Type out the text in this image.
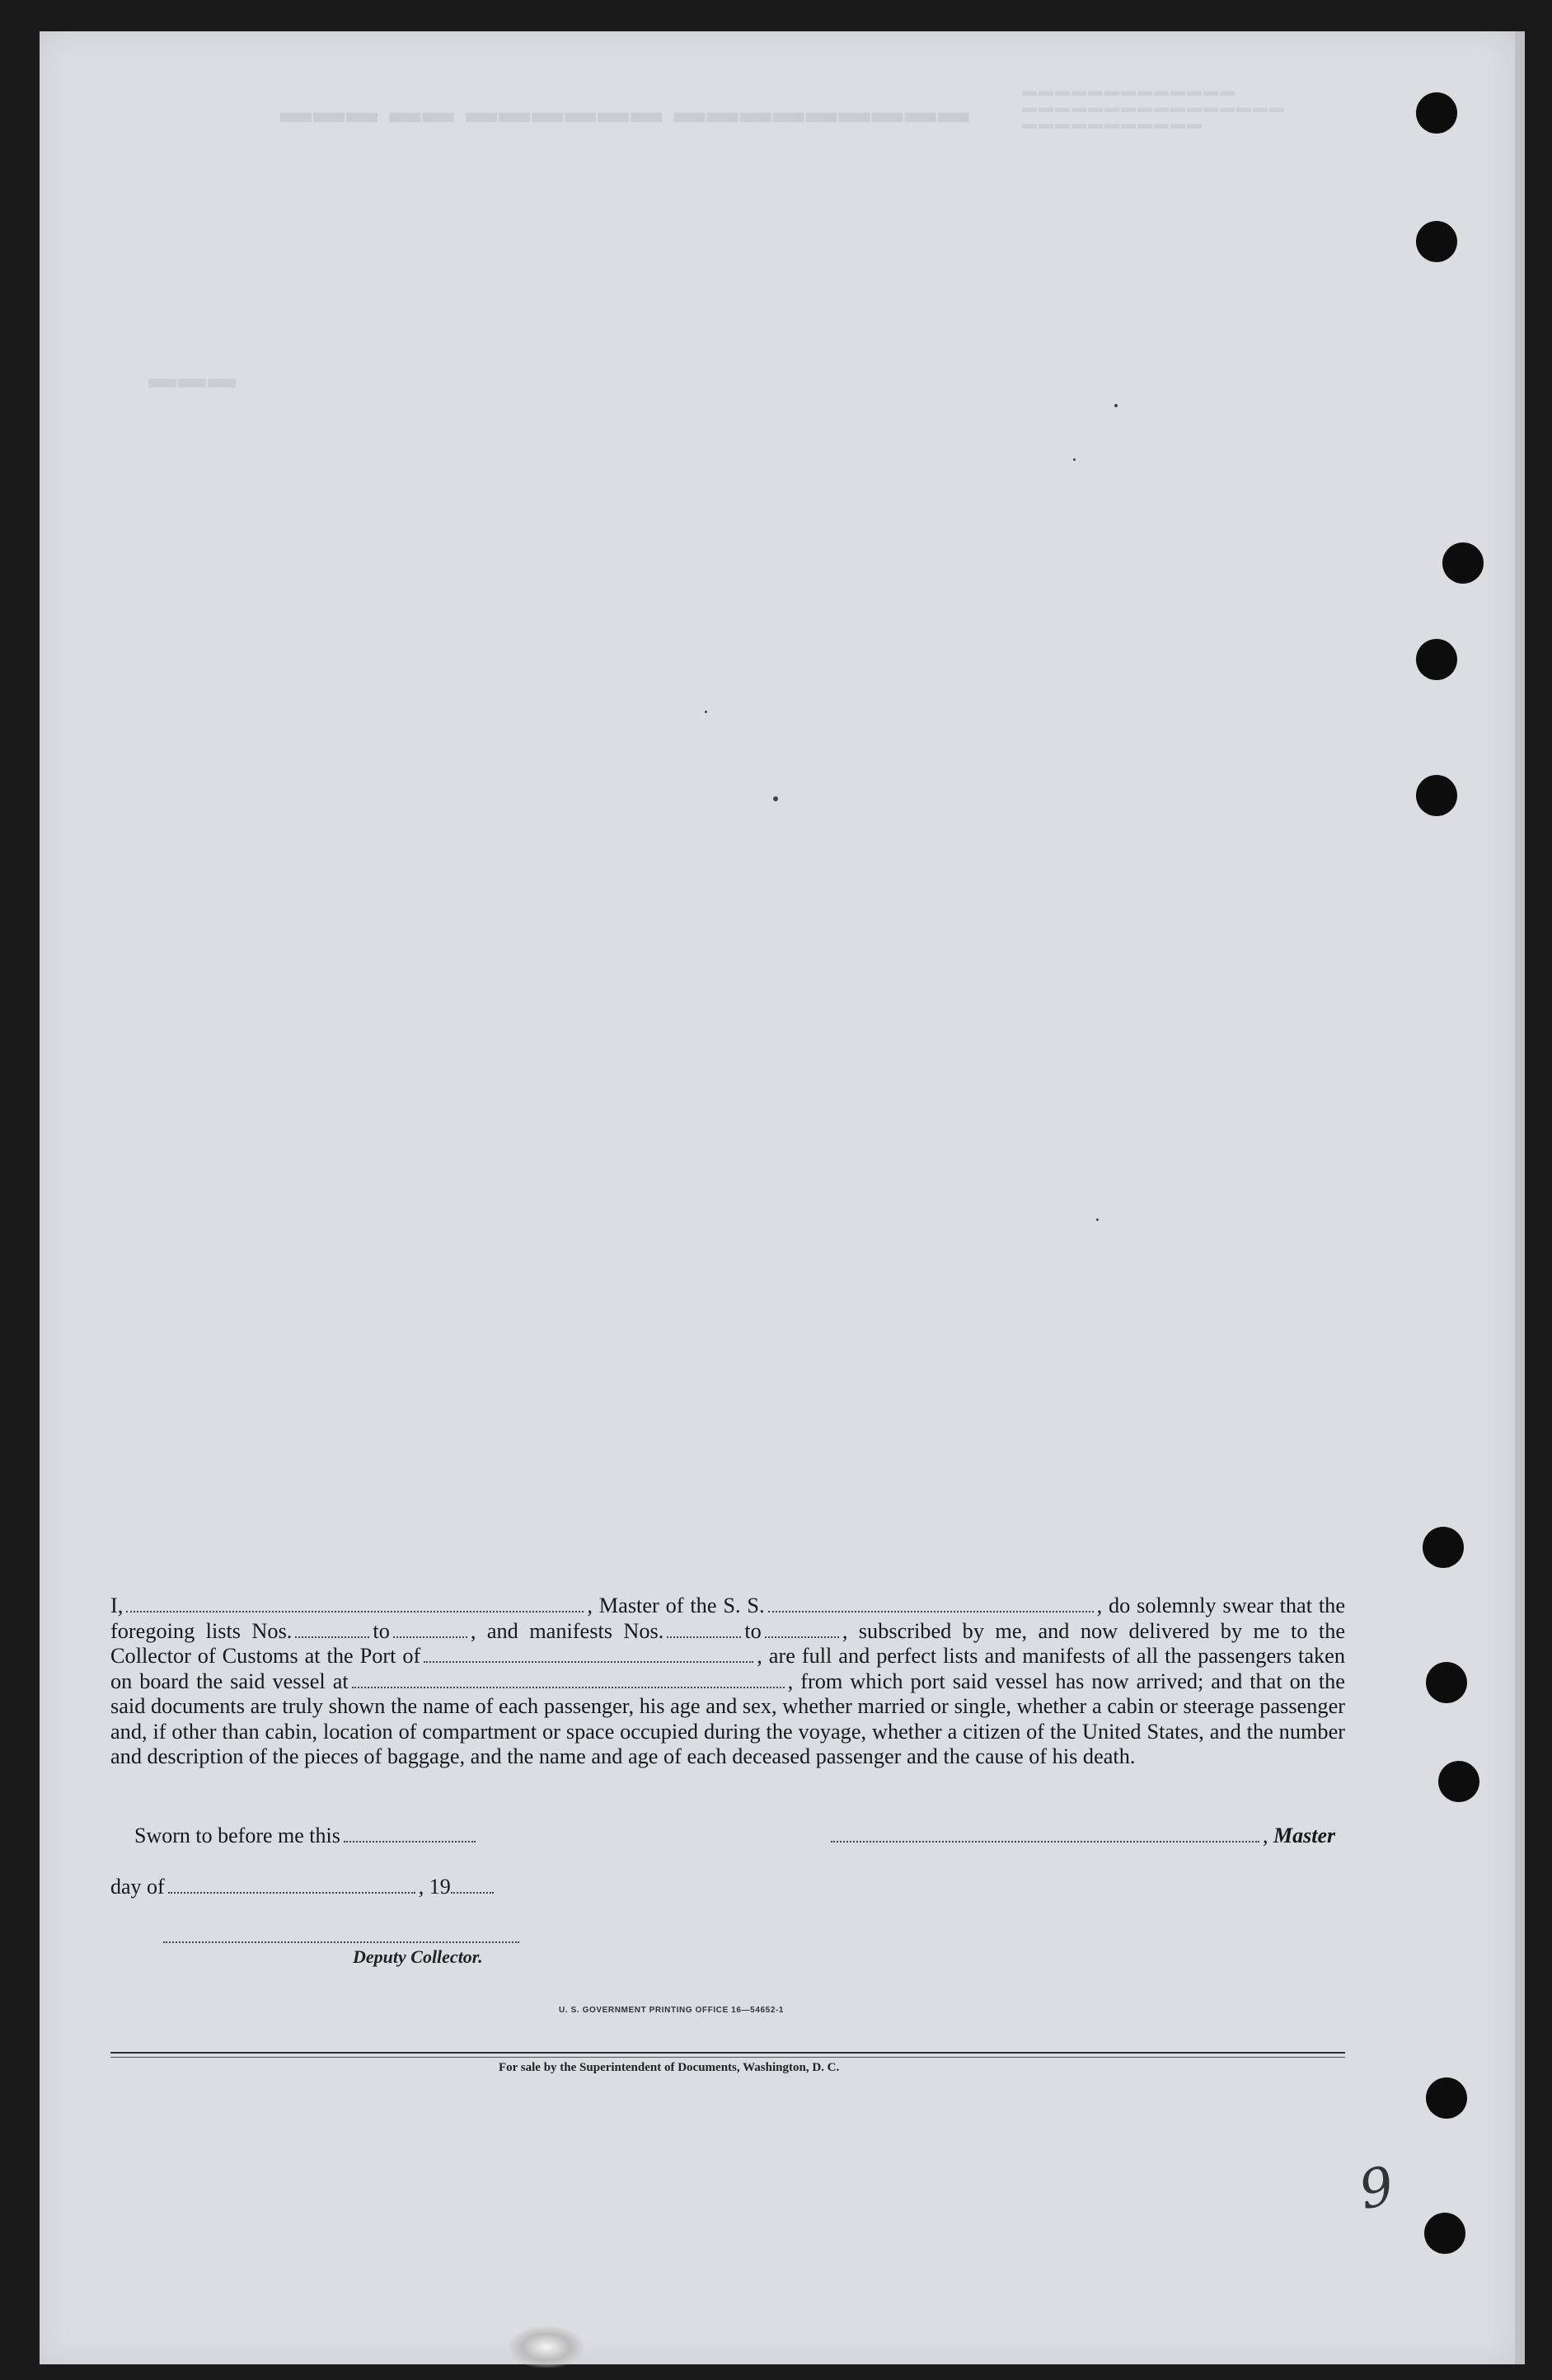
▬▬▬ ▬▬ ▬▬▬▬▬▬ ▬▬▬▬▬▬▬▬▬
▬▬▬▬▬▬▬▬▬▬▬▬▬
▬▬▬▬▬▬▬▬▬▬▬▬▬▬▬▬
▬▬▬▬▬▬▬▬▬▬▬
▬▬▬
I,	, Master of the S. S.	, do solemnly swear that the foregoing lists Nos.	to	, and manifests Nos.	to	, subscribed by me, and now delivered by me to the Collector of Customs at the Port of	, are full and perfect lists and manifests of all the passengers taken on board the said vessel at	, from which port said vessel has now arrived; and that on the said documents are truly shown the name of each passenger, his age and sex, whether married or single, whether a cabin or steerage passenger and, if other than cabin, location of compartment or space occupied during the voyage, whether a citizen of the United States, and the number and description of the pieces of baggage, and the name and age of each deceased passenger and the cause of his death.
Sworn to before me this	, Master
day of	, 19
Deputy Collector.
U. S. GOVERNMENT PRINTING OFFICE 16—54652-1
For sale by the Superintendent of Documents, Washington, D. C.
9
